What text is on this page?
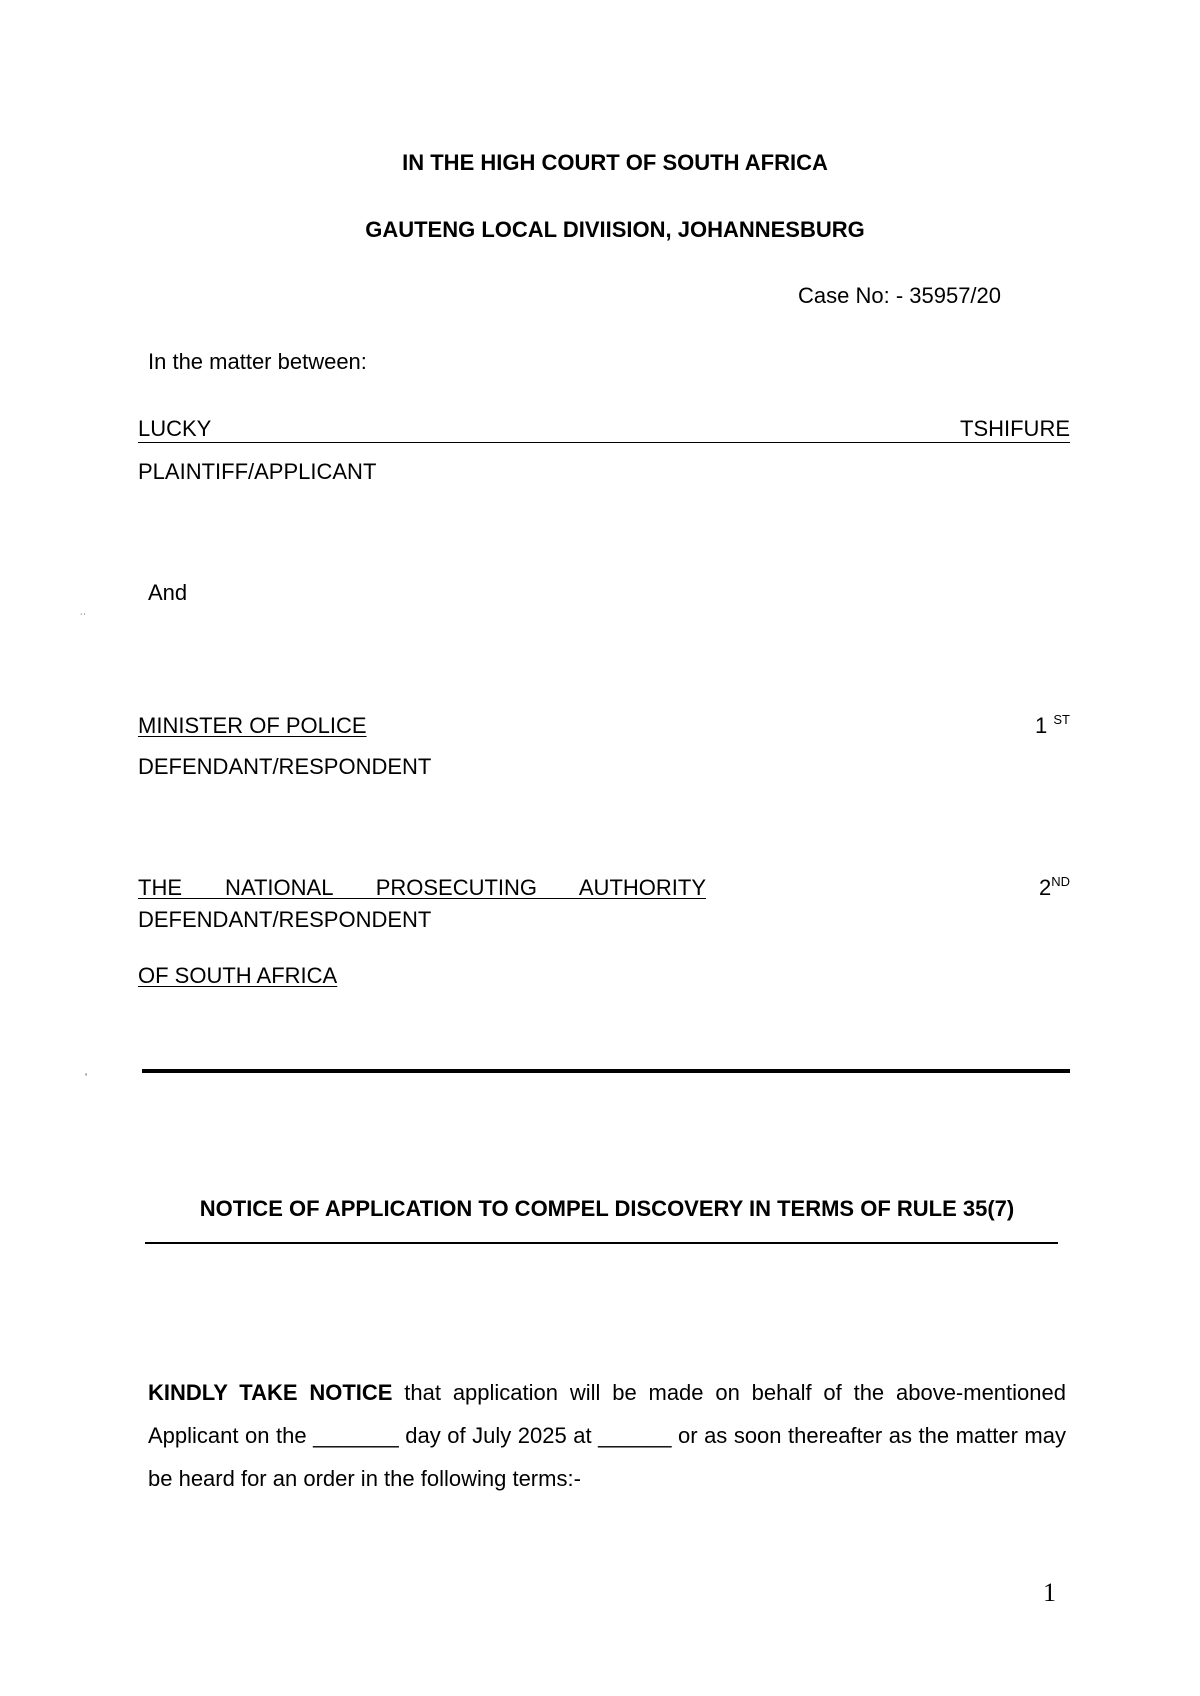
IN THE HIGH COURT OF SOUTH AFRICA
GAUTENG LOCAL DIVIISION, JOHANNESBURG
Case No: - 35957/20
In the matter between:
LUCKY	TSHIFURE
PLAINTIFF/APPLICANT
And
MINISTER OF POLICE	1 $^{ST}$
DEFENDANT/RESPONDENT
THE NATIONAL PROSECUTING AUTHORITY	2ND
DEFENDANT/RESPONDENT
OF SOUTH AFRICA
NOTICE OF APPLICATION TO COMPEL DISCOVERY IN TERMS OF RULE 35(7)
KINDLY TAKE NOTICE that application will be made on behalf of the above-mentioned Applicant on the _______ day of July 2025 at ______ or as soon thereafter as the matter may be heard for an order in the following terms:-
1
˙˙
‘
